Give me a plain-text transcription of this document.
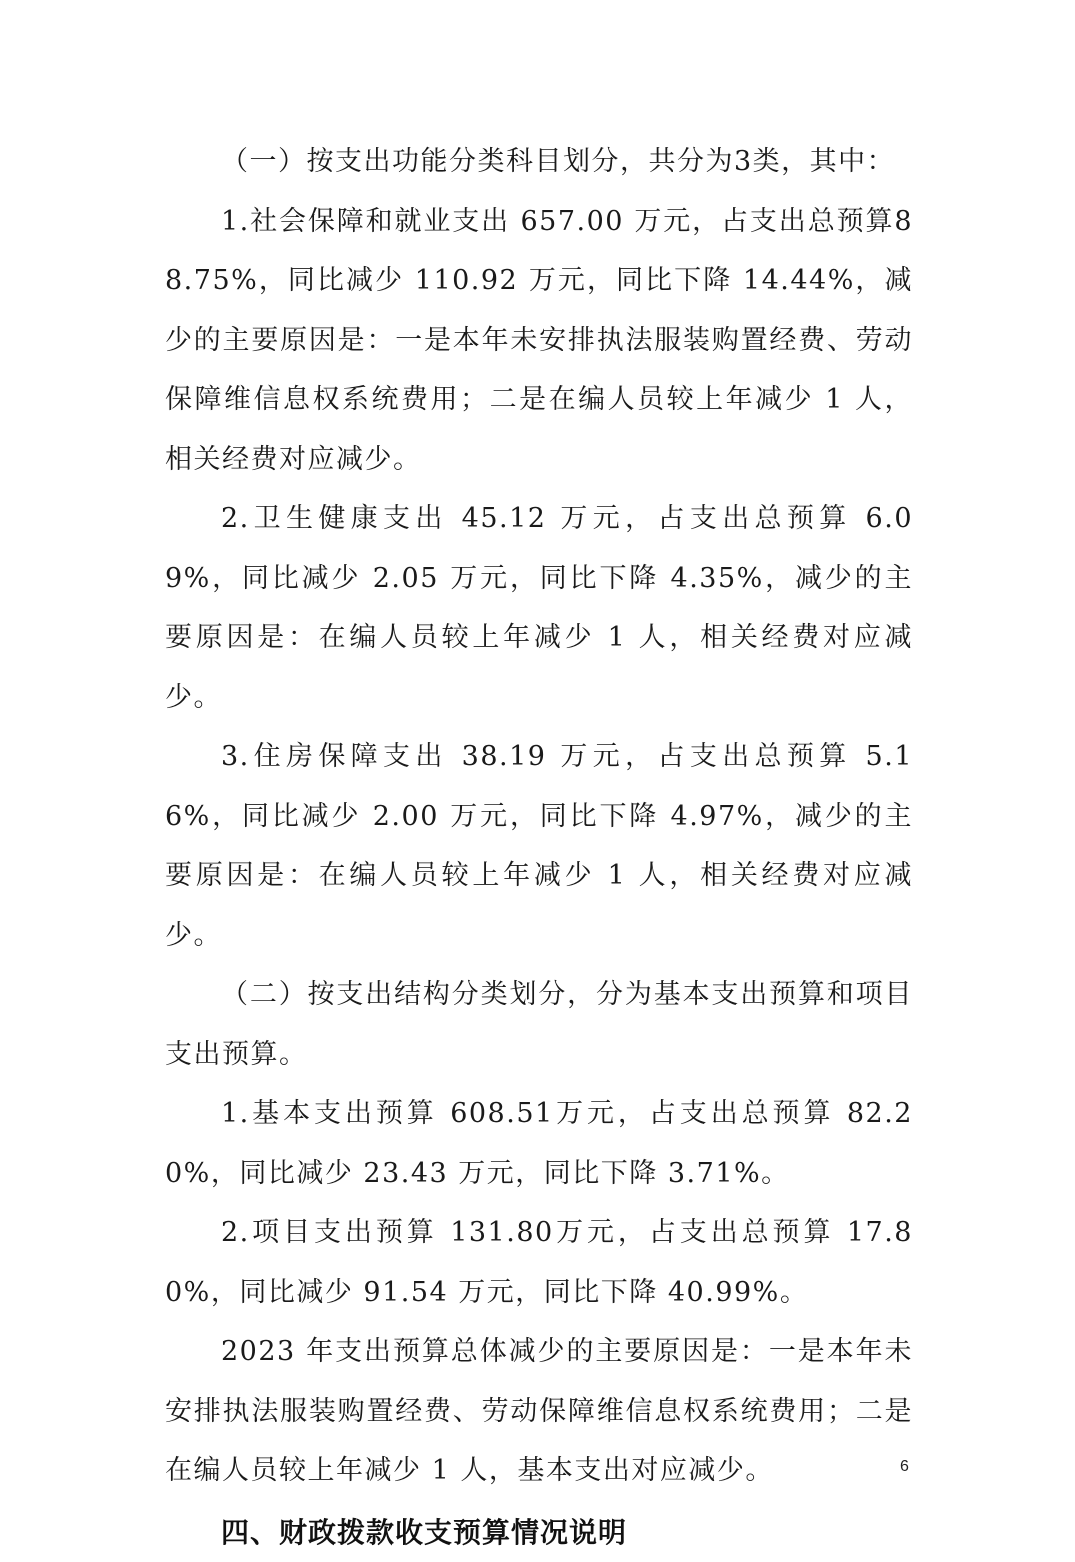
（一）按支出功能分类科目划分，共分为3类，其中：

1.社会保障和就业支出 657.00 万元，占支出总预算88.75%，同比减少 110.92 万元，同比下降 14.44%，减少的主要原因是：一是本年未安排执法服装购置经费、劳动保障维信息权系统费用；二是在编人员较上年减少 1 人，相关经费对应减少。

2.卫生健康支出 45.12 万元，占支出总预算 6.09%，同比减少 2.05 万元，同比下降 4.35%，减少的主要原因是：在编人员较上年减少 1 人，相关经费对应减少。

3.住房保障支出 38.19 万元，占支出总预算 5.16%，同比减少 2.00 万元，同比下降 4.97%，减少的主要原因是：在编人员较上年减少 1 人，相关经费对应减少。

（二）按支出结构分类划分，分为基本支出预算和项目支出预算。

1.基本支出预算 608.51万元，占支出总预算 82.20%，同比减少 23.43 万元，同比下降 3.71%。

2.项目支出预算 131.80万元，占支出总预算 17.80%，同比减少 91.54 万元，同比下降 40.99%。

2023 年支出预算总体减少的主要原因是：一是本年未安排执法服装购置经费、劳动保障维信息权系统费用；二是在编人员较上年减少 1 人，基本支出对应减少。

四、财政拨款收支预算情况说明

6
